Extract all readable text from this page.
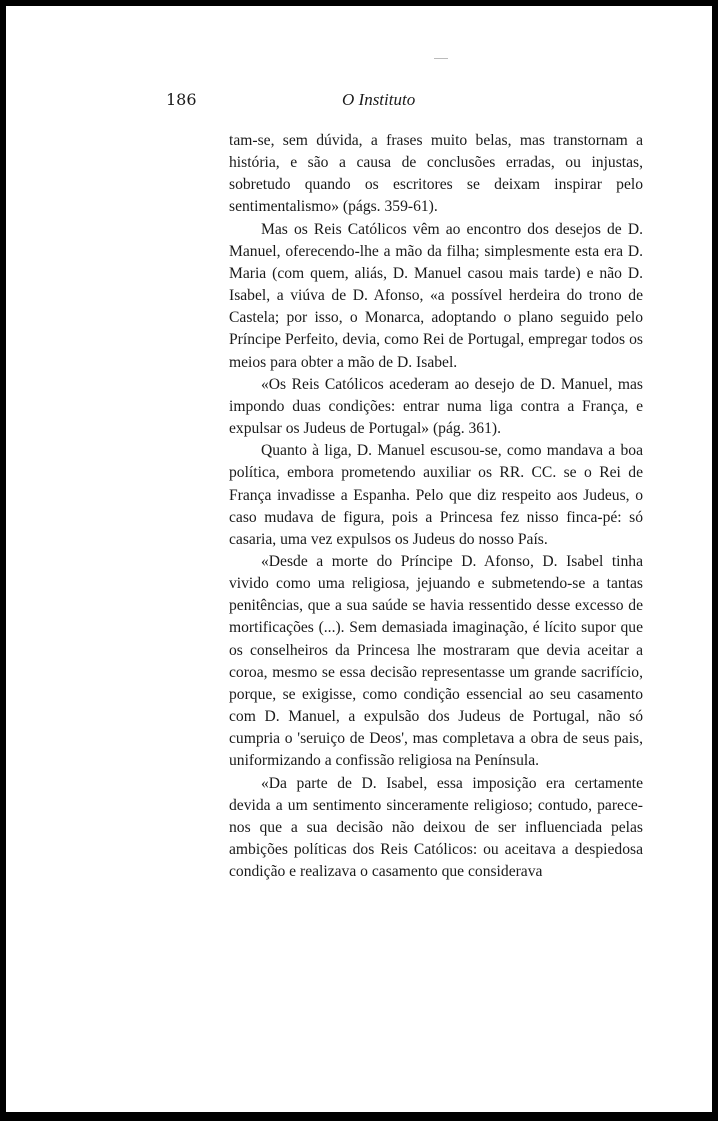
186	O Instituto

tam-se, sem dúvida, a frases muito belas, mas transtornam a história, e são a causa de conclusões erradas, ou injustas, sobretudo quando os escritores se deixam inspirar pelo sentimentalismo» (págs. 359-61).

Mas os Reis Católicos vêm ao encontro dos desejos de D. Manuel, oferecendo-lhe a mão da filha; simplesmente esta era D. Maria (com quem, aliás, D. Manuel casou mais tarde) e não D. Isabel, a viúva de D. Afonso, «a possível herdeira do trono de Castela; por isso, o Monarca, adoptando o plano seguido pelo Príncipe Perfeito, devia, como Rei de Portugal, empregar todos os meios para obter a mão de D. Isabel.

«Os Reis Católicos acederam ao desejo de D. Manuel, mas impondo duas condições: entrar numa liga contra a França, e expulsar os Judeus de Portugal» (pág. 361).

Quanto à liga, D. Manuel escusou-se, como mandava a boa política, embora prometendo auxiliar os RR. CC. se o Rei de França invadisse a Espanha. Pelo que diz respeito aos Judeus, o caso mudava de figura, pois a Princesa fez nisso finca-pé: só casaria, uma vez expulsos os Judeus do nosso País.

«Desde a morte do Príncipe D. Afonso, D. Isabel tinha vivido como uma religiosa, jejuando e submetendo-se a tantas penitências, que a sua saúde se havia ressentido desse excesso de mortificações (...). Sem demasiada imaginação, é lícito supor que os conselheiros da Princesa lhe mostraram que devia aceitar a coroa, mesmo se essa decisão representasse um grande sacrifício, porque, se exigisse, como condição essencial ao seu casamento com D. Manuel, a expulsão dos Judeus de Portugal, não só cumpria o 'seruiço de Deos', mas completava a obra de seus pais, uniformizando a confissão religiosa na Península.

«Da parte de D. Isabel, essa imposição era certamente devida a um sentimento sinceramente religioso; contudo, parece-nos que a sua decisão não deixou de ser influenciada pelas ambições políticas dos Reis Católicos: ou aceitava a despiedosa condição e realizava o casamento que considerava
